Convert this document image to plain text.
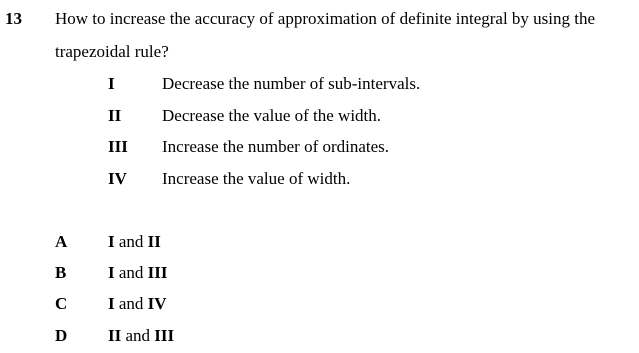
13 How to increase the accuracy of approximation of definite integral by using the
trapezoidal rule?
I	Decrease the number of sub-intervals.
II Decrease the value of the width.
III Increase the number of ordinates.
IV Increase the value of width.
A I and II
B I and III
C I and IV
D II and III
